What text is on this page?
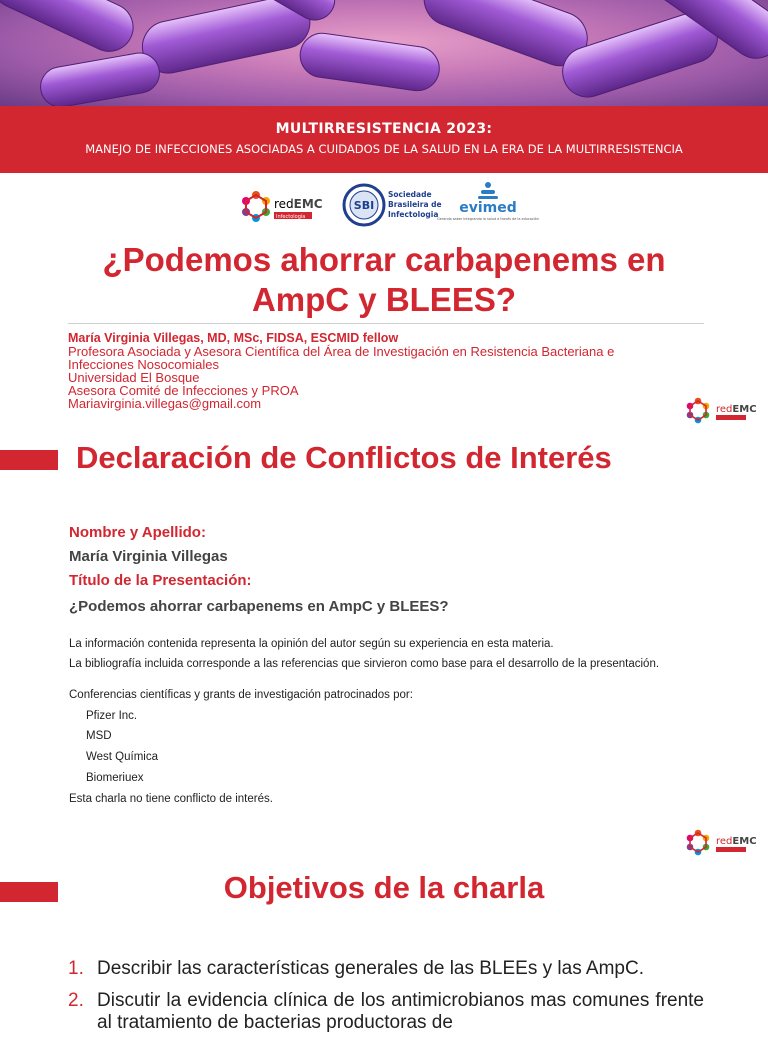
MULTIRRESISTENCIA 2023:
MANEJO DE INFECCIONES ASOCIADAS A CUIDADOS DE LA SALUD EN LA ERA DE LA MULTIRRESISTENCIA
redEMC
Infectología
SBI
Sociedade
Brasileira de
Infectologia evimed
Gerando saber integrando la salud a través de la educación
¿Podemos ahorrar carbapenems en
AmpC y BLEES?
María Virginia Villegas, MD, MSc, FIDSA, ESCMID fellow
Profesora Asociada y Asesora Científica del Área de Investigación en Resistencia Bacteriana e
Infecciones Nosocomiales
Universidad El Bosque
Asesora Comité de Infecciones y PROA
Mariavirginia.villegas@gmail.com	redEMC
Declaración de Conflictos de Interés
Nombre y Apellido:
María Virginia Villegas
Título de la Presentación:
¿Podemos ahorrar carbapenems en AmpC y BLEES?
La información contenida representa la opinión del autor según su experiencia en esta materia.
La bibliografía incluida corresponde a las referencias que sirvieron como base para el desarrollo de la presentación.
Conferencias científicas y grants de investigación patrocinados por:
Pfizer Inc.
MSD
West Química
Biomeriuex
Esta charla no tiene conflicto de interés.
redEMC
Objetivos de la charla
1. Describir las características generales de las BLEEs y las AmpC.
2. Discutir la evidencia clínica de los antimicrobianos mas comunes frente al tratamiento de bacterias productoras de
